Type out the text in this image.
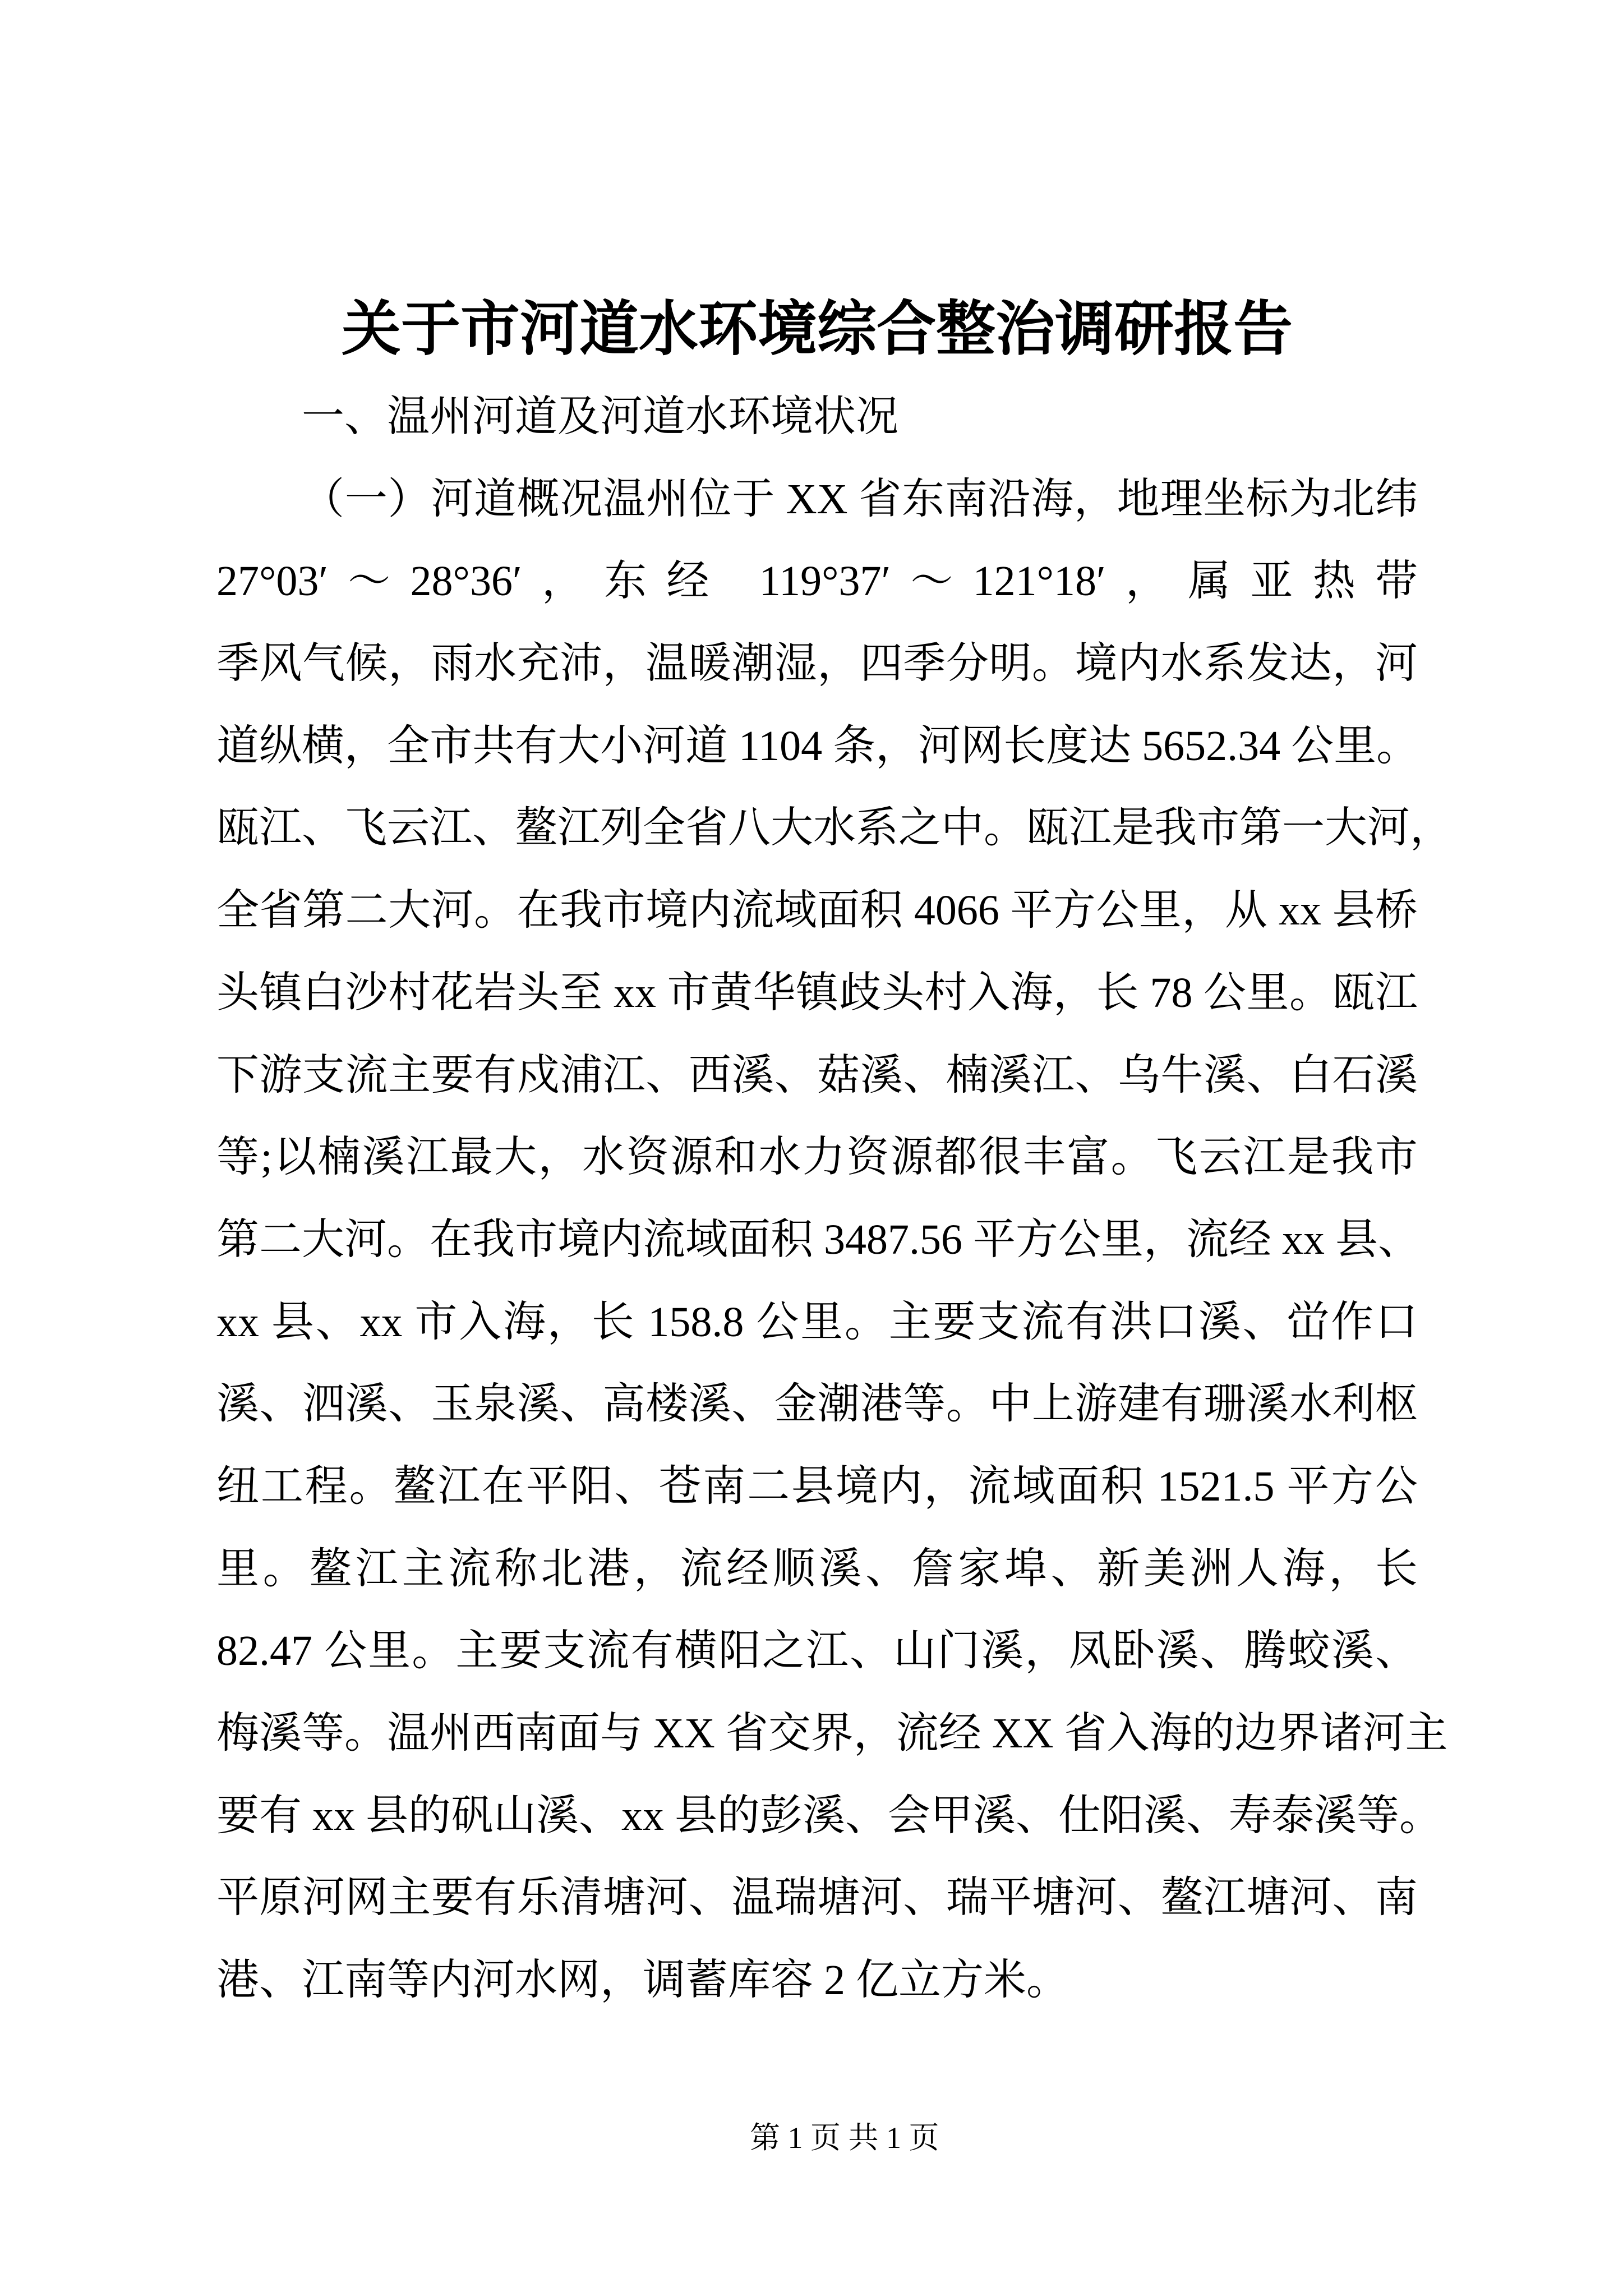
关于市河道水环境综合整治调研报告
一、温州河道及河道水环境状况
（一）河道概况温州位于 XX 省东南沿海，地理坐标为北纬
27°03′～28°36′，东经 119°37′～121°18′，属亚热带
季风气候，雨水充沛，温暖潮湿，四季分明。境内水系发达，河
道纵横，全市共有大小河道 1104 条，河网长度达 5652.34 公里。
瓯江、飞云江、鳌江列全省八大水系之中。瓯江是我市第一大河，
全省第二大河。在我市境内流域面积 4066 平方公里，从 xx 县桥
头镇白沙村花岩头至 xx 市黄华镇歧头村入海，长 78 公里。瓯江
下游支流主要有戍浦江、西溪、菇溪、楠溪江、乌牛溪、白石溪
等;以楠溪江最大，水资源和水力资源都很丰富。飞云江是我市
第二大河。在我市境内流域面积 3487.56 平方公里，流经 xx 县、
xx 县、xx 市入海，长 158.8 公里。主要支流有洪口溪、峃作口
溪、泗溪、玉泉溪、高楼溪、金潮港等。中上游建有珊溪水利枢
纽工程。鳌江在平阳、苍南二县境内，流域面积 1521.5 平方公
里。鳌江主流称北港，流经顺溪、詹家埠、新美洲人海，长
82.47 公里。主要支流有横阳之江、山门溪，凤卧溪、腾蛟溪、
梅溪等。温州西南面与 XX 省交界，流经 XX 省入海的边界诸河主
要有 xx 县的矾山溪、xx 县的彭溪、会甲溪、仕阳溪、寿泰溪等。
平原河网主要有乐清塘河、温瑞塘河、瑞平塘河、鳌江塘河、南
港、江南等内河水网，调蓄库容 2 亿立方米。
第 1 页 共 1 页
